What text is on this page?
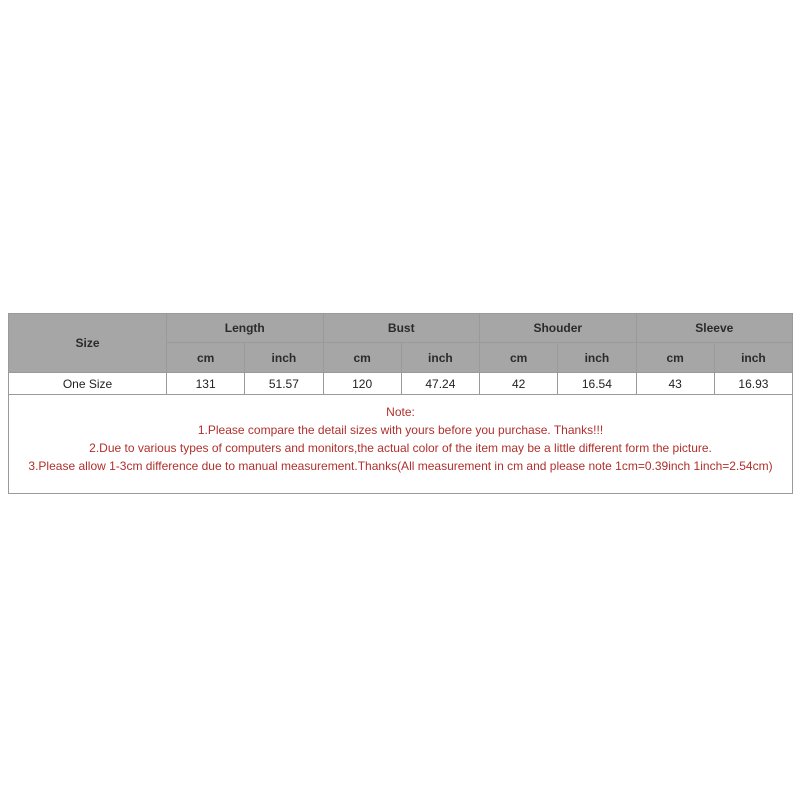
Size	Length		Bust		Shouder		Sleeve	
	cm	inch	cm	inch	cm	inch	cm	inch
One Size	131	51.57	120	47.24	42	16.54	43	16.93

Note:
1.Please compare the detail sizes with yours before you purchase. Thanks!!!
2.Due to various types of computers and monitors,the actual color of the item may be a little different form the picture.
3.Please allow 1-3cm difference due to manual measurement.Thanks(All measurement in cm and please note 1cm=0.39inch 1inch=2.54cm)								
